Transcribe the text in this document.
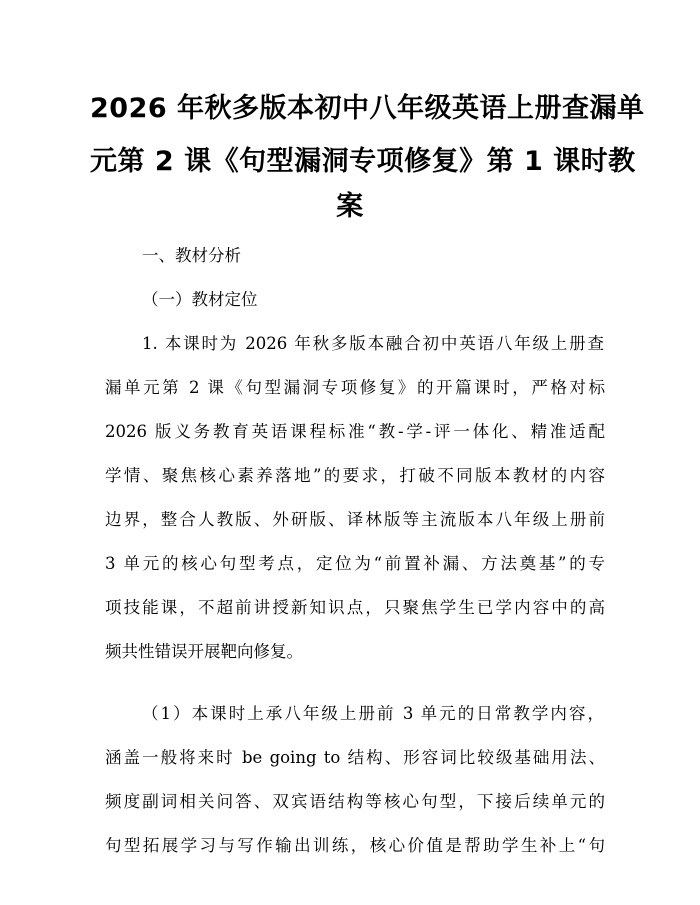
2026 年秋多版本初中八年级英语上册查漏单
元第 2 课《句型漏洞专项修复》第 1 课时教
案
一、教材分析
（一）教材定位
1. 本课时为 2026 年秋多版本融合初中英语八年级上册查
漏单元第 2 课《句型漏洞专项修复》的开篇课时，严格对标
2026 版义务教育英语课程标准“教-学-评一体化、精准适配
学情、聚焦核心素养落地”的要求，打破不同版本教材的内容
边界，整合人教版、外研版、译林版等主流版本八年级上册前
3 单元的核心句型考点，定位为“前置补漏、方法奠基”的专
项技能课，不超前讲授新知识点，只聚焦学生已学内容中的高
频共性错误开展靶向修复。
（1）本课时上承八年级上册前 3 单元的日常教学内容，
涵盖一般将来时 be going to 结构、形容词比较级基础用法、
频度副词相关问答、双宾语结构等核心句型，下接后续单元的
句型拓展学习与写作输出训练，核心价值是帮助学生补上“句
